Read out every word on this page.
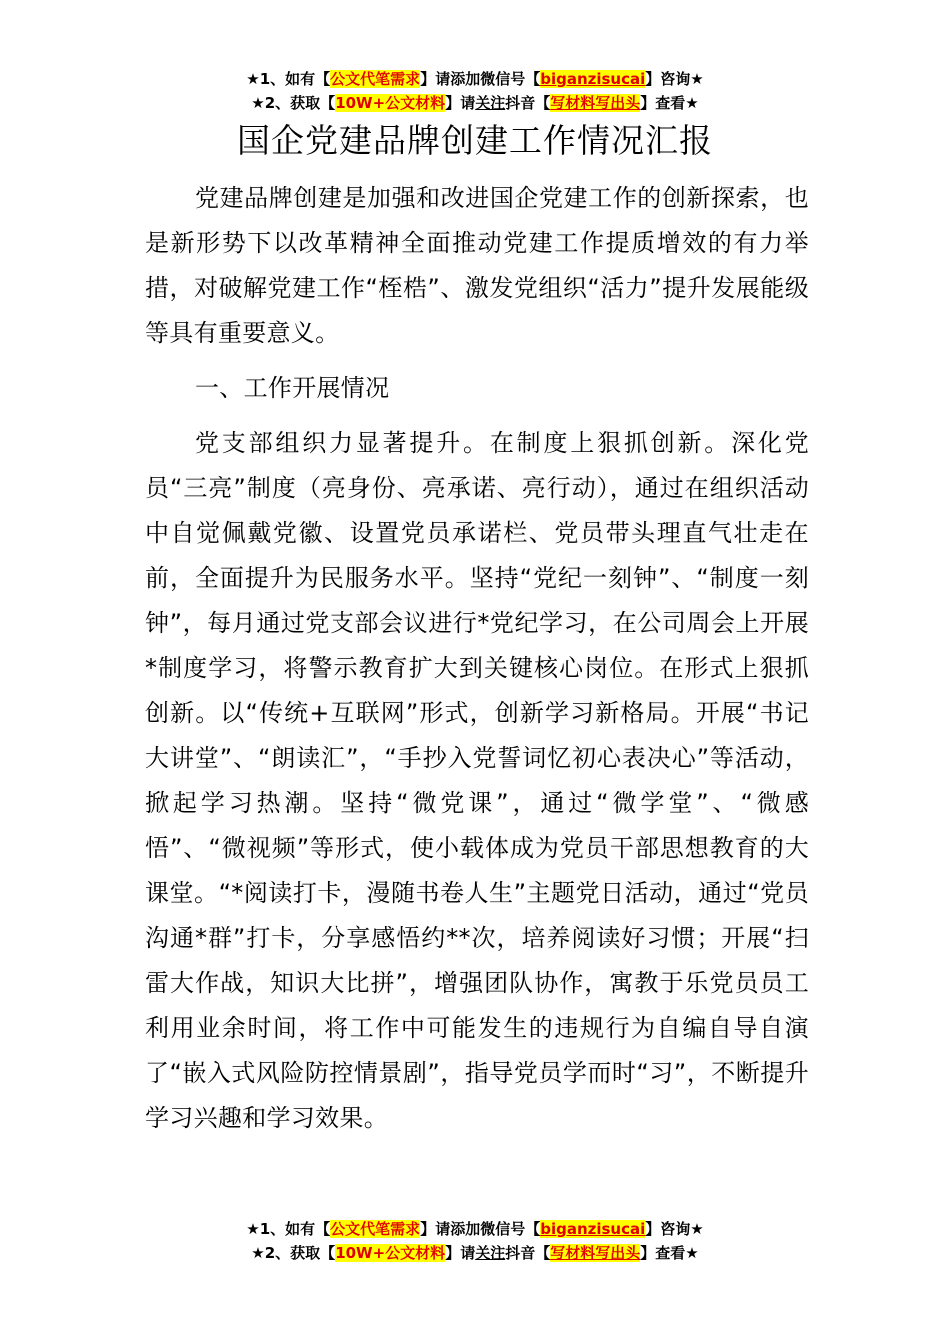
★1、如有【公文代笔需求】请添加微信号【biganzisucai】咨询★
★2、获取【10W+公文材料】请关注抖音【写材料写出头】查看★
国企党建品牌创建工作情况汇报

党建品牌创建是加强和改进国企党建工作的创新探索，也是新形势下以改革精神全面推动党建工作提质增效的有力举措，对破解党建工作“桎梏”、激发党组织“活力”提升发展能级等具有重要意义。

一、工作开展情况

党支部组织力显著提升。在制度上狠抓创新。深化党员“三亮”制度（亮身份、亮承诺、亮行动），通过在组织活动中自觉佩戴党徽、设置党员承诺栏、党员带头理直气壮走在前，全面提升为民服务水平。坚持“党纪一刻钟”、“制度一刻钟”，每月通过党支部会议进行*党纪学习，在公司周会上开展*制度学习，将警示教育扩大到关键核心岗位。在形式上狠抓创新。以“传统+互联网”形式，创新学习新格局。开展“书记大讲堂”、“朗读汇”，“手抄入党誓词忆初心表决心”等活动，掀起学习热潮。坚持“微党课”，通过“微学堂”、“微感悟”、“微视频”等形式，使小载体成为党员干部思想教育的大课堂。“*阅读打卡，漫随书卷人生”主题党日活动，通过“党员沟通*群”打卡，分享感悟约**次，培养阅读好习惯；开展“扫雷大作战，知识大比拼”，增强团队协作，寓教于乐党员员工利用业余时间，将工作中可能发生的违规行为自编自导自演了“嵌入式风险防控情景剧”，指导党员学而时“习”，不断提升学习兴趣和学习效果。

★1、如有【公文代笔需求】请添加微信号【biganzisucai】咨询★
★2、获取【10W+公文材料】请关注抖音【写材料写出头】查看★
